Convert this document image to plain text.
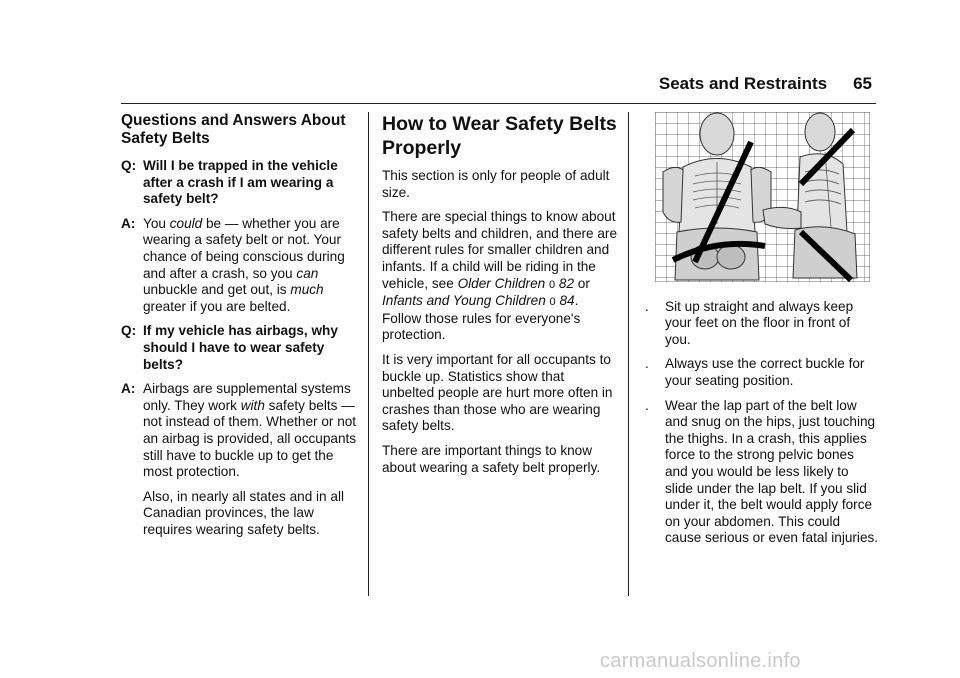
Seats and Restraints 65
Questions and Answers About Safety Belts
Q: Will I be trapped in the vehicle after a crash if I am wearing a safety belt?
A: You could be — whether you are wearing a safety belt or not. Your chance of being conscious during and after a crash, so you can unbuckle and get out, is much greater if you are belted.
Q: If my vehicle has airbags, why should I have to wear safety belts?
A: Airbags are supplemental systems only. They work with safety belts — not instead of them. Whether or not an airbag is provided, all occupants still have to buckle up to get the most protection.

Also, in nearly all states and in all Canadian provinces, the law requires wearing safety belts.

How to Wear Safety Belts Properly

This section is only for people of adult size.

There are special things to know about safety belts and children, and there are different rules for smaller children and infants. If a child will be riding in the vehicle, see Older Children 0 82 or Infants and Young Children 0 84. Follow those rules for everyone's protection.

It is very important for all occupants to buckle up. Statistics show that unbelted people are hurt more often in crashes than those who are wearing safety belts.

There are important things to know about wearing a safety belt properly.

.	Sit up straight and always keep your feet on the floor in front of you.
.	Always use the correct buckle for your seating position.
.	Wear the lap part of the belt low and snug on the hips, just touching the thighs. In a crash, this applies force to the strong pelvic bones and you would be less likely to slide under the lap belt. If you slid under it, the belt would apply force on your abdomen. This could cause serious or even fatal injuries.
carmanualsonline.info
